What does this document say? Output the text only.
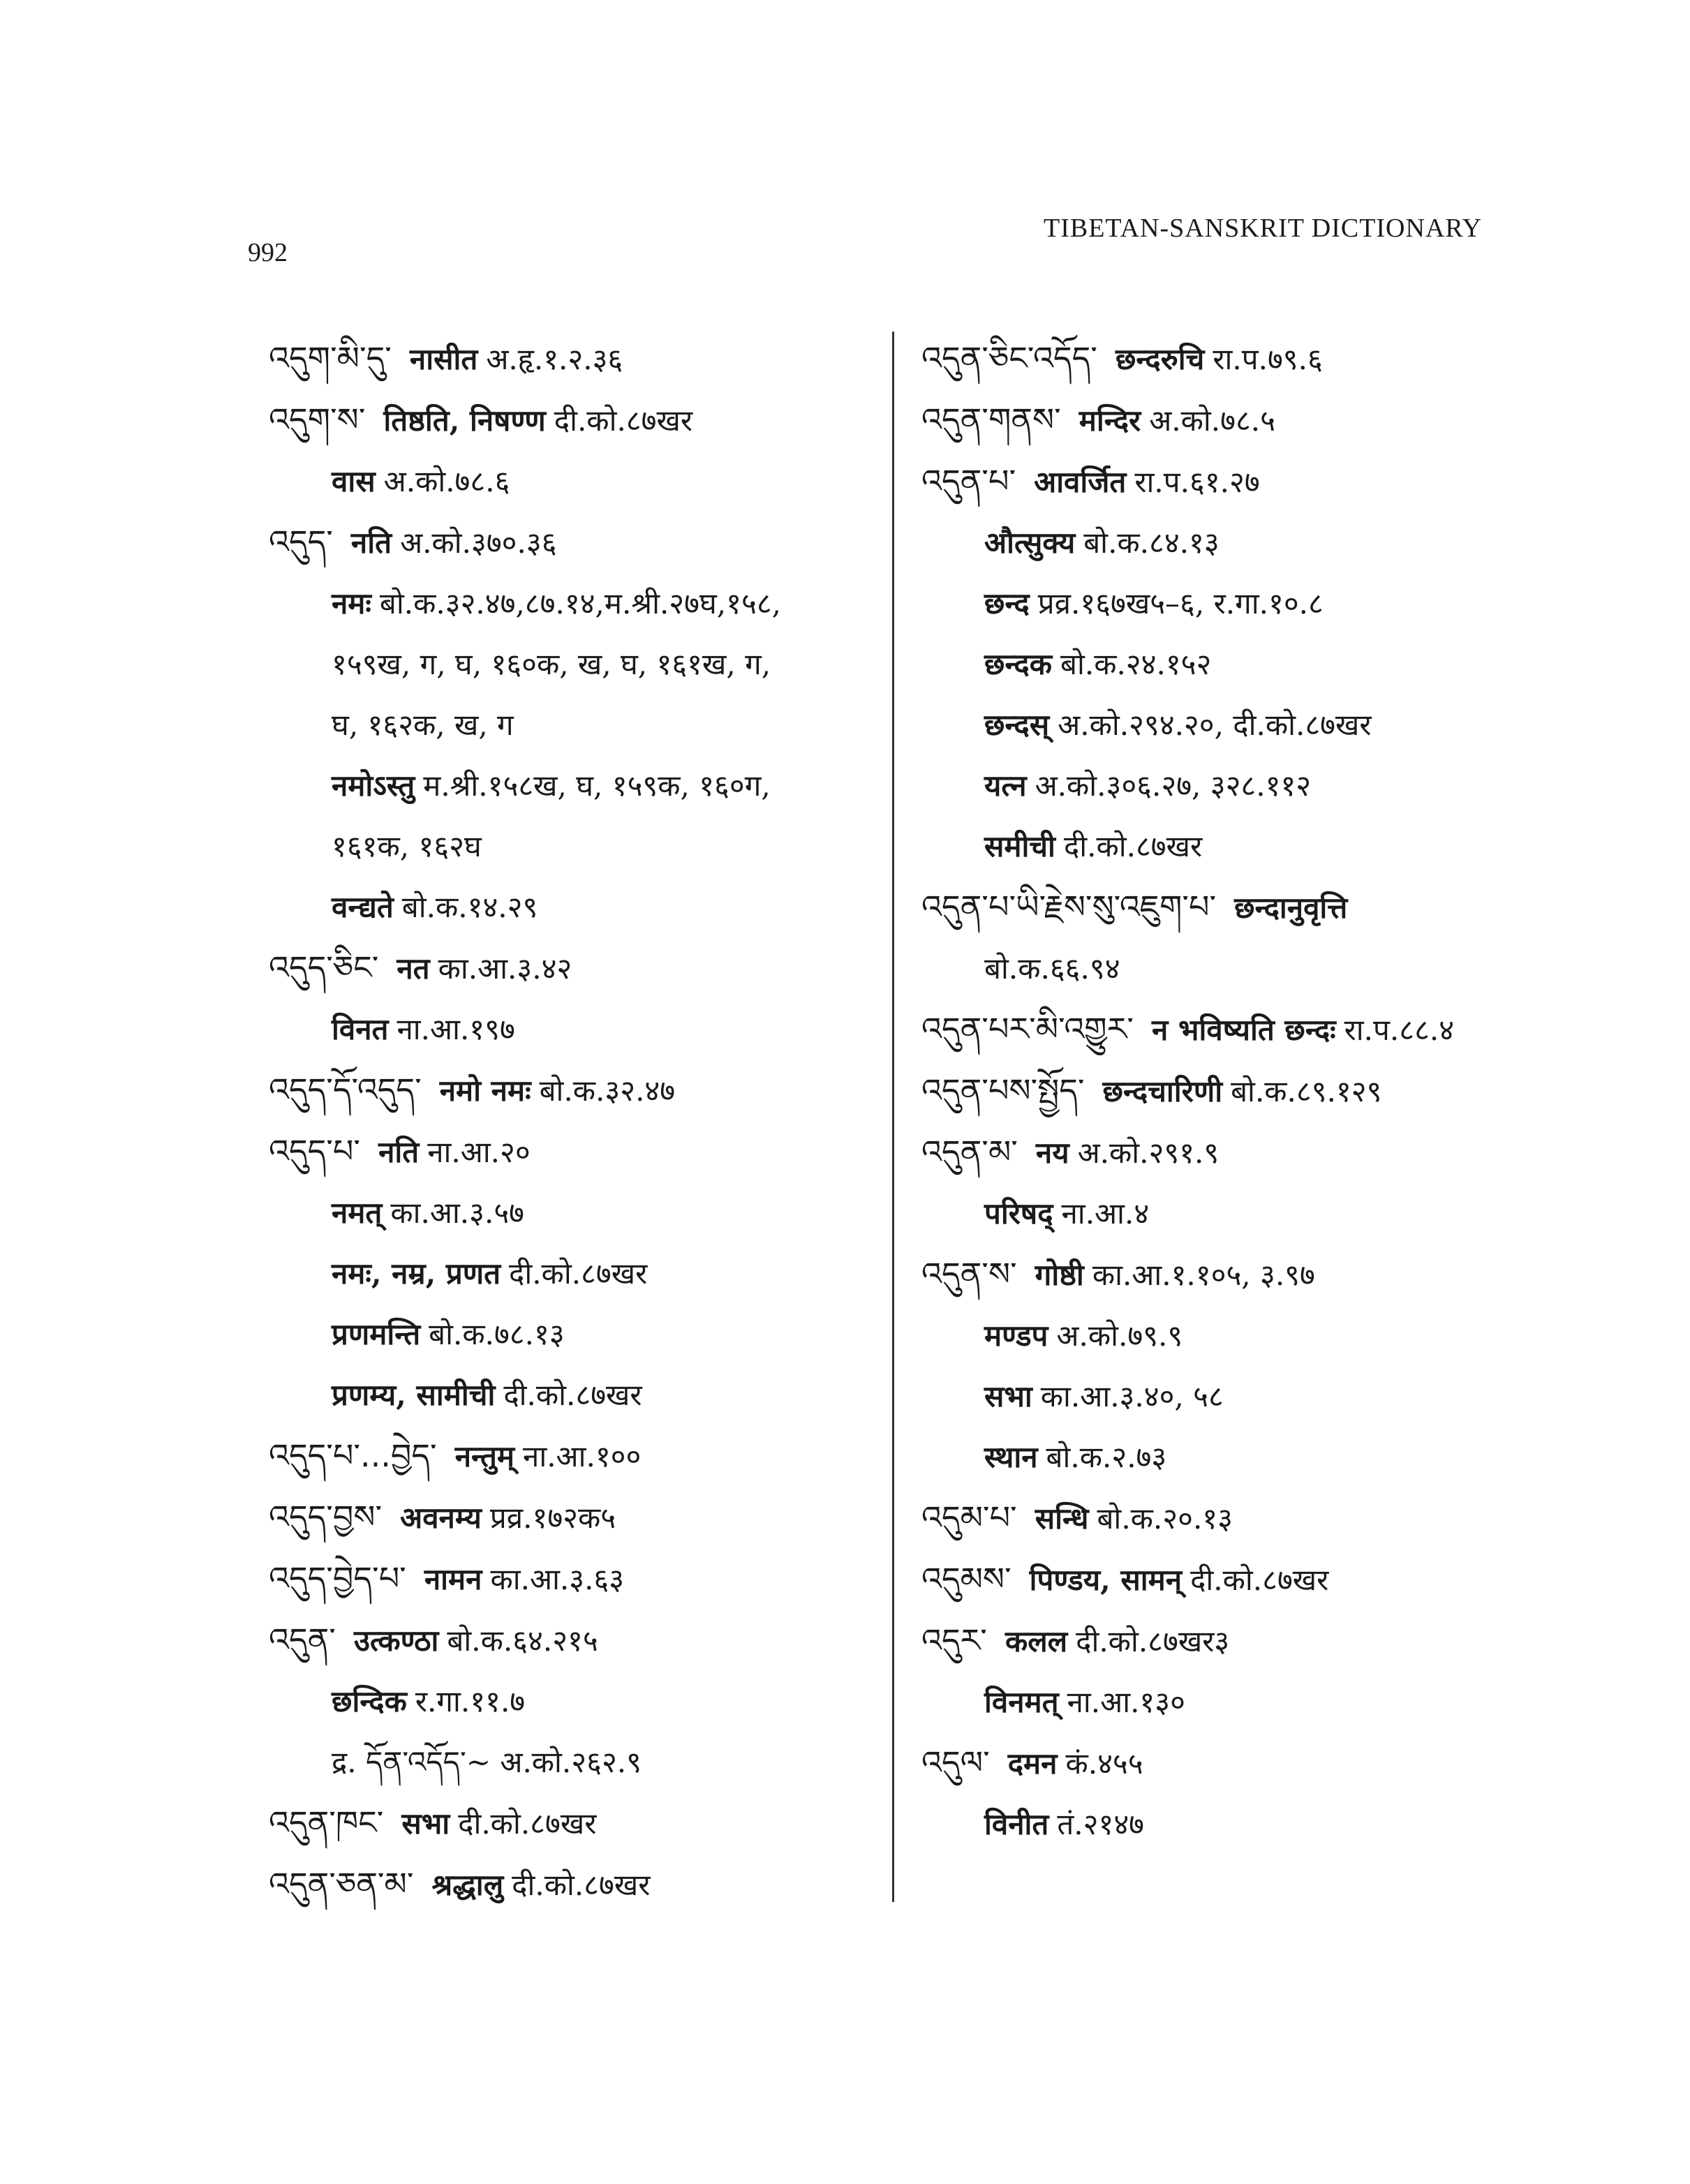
992
TIBETAN-SANSKRIT DICTIONARY
འདུག་མི་དུ་ नासीत अ.हृ.१.२.३६
འདུག་ས་ तिष्ठति, निषण्ण दी.को.८७खर
वास अ.को.७८.६
འདུད་ नति अ.को.३७०.३६
नमः बो.क.३२.४७,८७.१४,म.श्री.२७घ,१५८,
१५९ख, ग, घ, १६०क, ख, घ, १६१ख, ग,
घ, १६२क, ख, ग
नमोऽस्तु म.श्री.१५८ख, घ, १५९क, १६०ग,
१६१क, १६२घ
वन्द्यते बो.क.१४.२९
འདུད་ཅིང་ नत का.आ.३.४२
विनत ना.आ.१९७
འདུད་དོ་འདུད་ नमो नमः बो.क.३२.४७
འདུད་པ་ नति ना.आ.२०
नमत् का.आ.३.५७
नमः, नम्र, प्रणत दी.को.८७खर
प्रणमन्ति बो.क.७८.१३
प्रणम्य, सामीची दी.को.८७खर
འདུད་པ་...བྱེད་ नन्तुम् ना.आ.१००
འདུད་བྱས་ अवनम्य प्रव्र.१७२क५
འདུད་བྱེད་པ་ नामन का.आ.३.६३
འདུན་ उत्कण्ठा बो.क.६४.२१५
छन्दिक र.गा.११.७
द्र. དོན་འདོད་~ अ.को.२६२.९
འདུན་ཁང་ सभा दी.को.८७खर
འདུན་ཅན་མ་ श्रद्धालु दी.को.८७खर
འདུན་ཅིང་འདོད་ छन्दरुचि रा.प.७९.६
འདུན་གནས་ मन्दिर अ.को.७८.५
འདུན་པ་ आवर्जित रा.प.६१.२७
औत्सुक्य बो.क.८४.१३
छन्द प्रव्र.१६७ख५–६, र.गा.१०.८
छन्दक बो.क.२४.१५२
छन्दस् अ.को.२९४.२०, दी.को.८७खर
यत्न अ.को.३०६.२७, ३२८.११२
समीची दी.को.८७खर
འདུན་པ་ཡི་རྗེས་སུ་འཇུག་པ་ छन्दानुवृत्ति
बो.क.६६.९४
འདུན་པར་མི་འགྱུར་ न भविष्यति छन्दः रा.प.८८.४
འདུན་པས་སྤྱོད་ छन्दचारिणी बो.क.८९.१२९
འདུན་མ་ नय अ.को.२९१.९
परिषद् ना.आ.४
འདུན་ས་ गोष्ठी का.आ.१.१०५, ३.९७
मण्डप अ.को.७९.९
सभा का.आ.३.४०, ५८
स्थान बो.क.२.७३
འདུམ་པ་ सन्धि बो.क.२०.१३
འདུམས་ पिण्डय, सामन् दी.को.८७खर
འདུར་ कलल दी.को.८७खर३
विनमत् ना.आ.१३०
འདུལ་ दमन कं.४५५
विनीत तं.२१४७
